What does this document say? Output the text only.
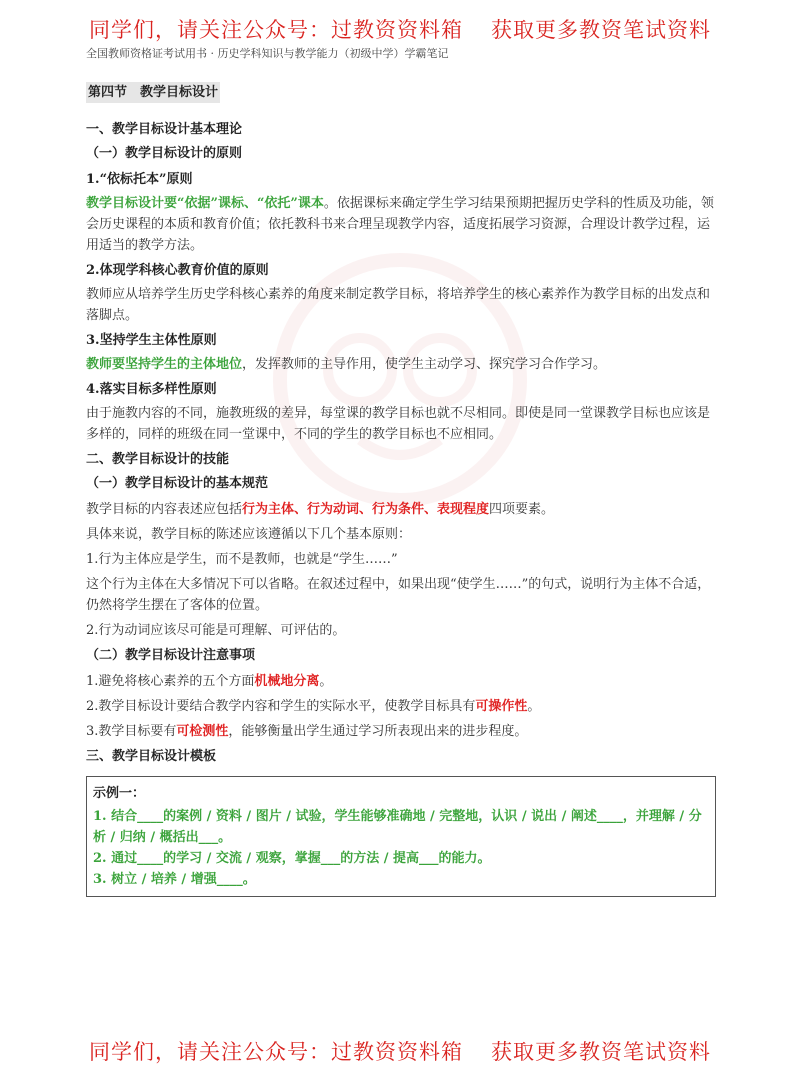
同学们，请关注公众号：过教资资料箱 获取更多教资笔试资料
全国教师资格证考试用书 · 历史学科知识与教学能力（初级中学）学霸笔记
第四节　教学目标设计
一、教学目标设计基本理论
（一）教学目标设计的原则
1.“依标托本”原则
教学目标设计要“依据”课标、“依托”课本。依据课标来确定学生学习结果预期把握历史学科的性质及功能，领会历史课程的本质和教育价值；依托教科书来合理呈现教学内容，适度拓展学习资源，合理设计教学过程，运用适当的教学方法。
2.体现学科核心教育价值的原则
教师应从培养学生历史学科核心素养的角度来制定教学目标，将培养学生的核心素养作为教学目标的出发点和落脚点。
3.坚持学生主体性原则
教师要坚持学生的主体地位，发挥教师的主导作用，使学生主动学习、探究学习合作学习。
4.落实目标多样性原则
由于施教内容的不同，施教班级的差异，每堂课的教学目标也就不尽相同。即使是同一堂课教学目标也应该是多样的，同样的班级在同一堂课中，不同的学生的教学目标也不应相同。
二、教学目标设计的技能
（一）教学目标设计的基本规范
教学目标的内容表述应包括行为主体、行为动词、行为条件、表现程度四项要素。
具体来说，教学目标的陈述应该遵循以下几个基本原则：
1.行为主体应是学生，而不是教师，也就是“学生……”
这个行为主体在大多情况下可以省略。在叙述过程中，如果出现“使学生……”的句式，说明行为主体不合适，仍然将学生摆在了客体的位置。
2.行为动词应该尽可能是可理解、可评估的。
（二）教学目标设计注意事项
1.避免将核心素养的五个方面机械地分离。
2.教学目标设计要结合教学内容和学生的实际水平，使教学目标具有可操作性。
3.教学目标要有可检测性，能够衡量出学生通过学习所表现出来的进步程度。
三、教学目标设计模板
示例一：
1. 结合____的案例 / 资料 / 图片 / 试验，学生能够准确地 / 完整地，认识 / 说出 / 阐述____，并理解 / 分析 / 归纳 / 概括出___。
2. 通过____的学习 / 交流 / 观察，掌握___的方法 / 提高___的能力。
3. 树立 / 培养 / 增强____。
同学们，请关注公众号：过教资资料箱 获取更多教资笔试资料
